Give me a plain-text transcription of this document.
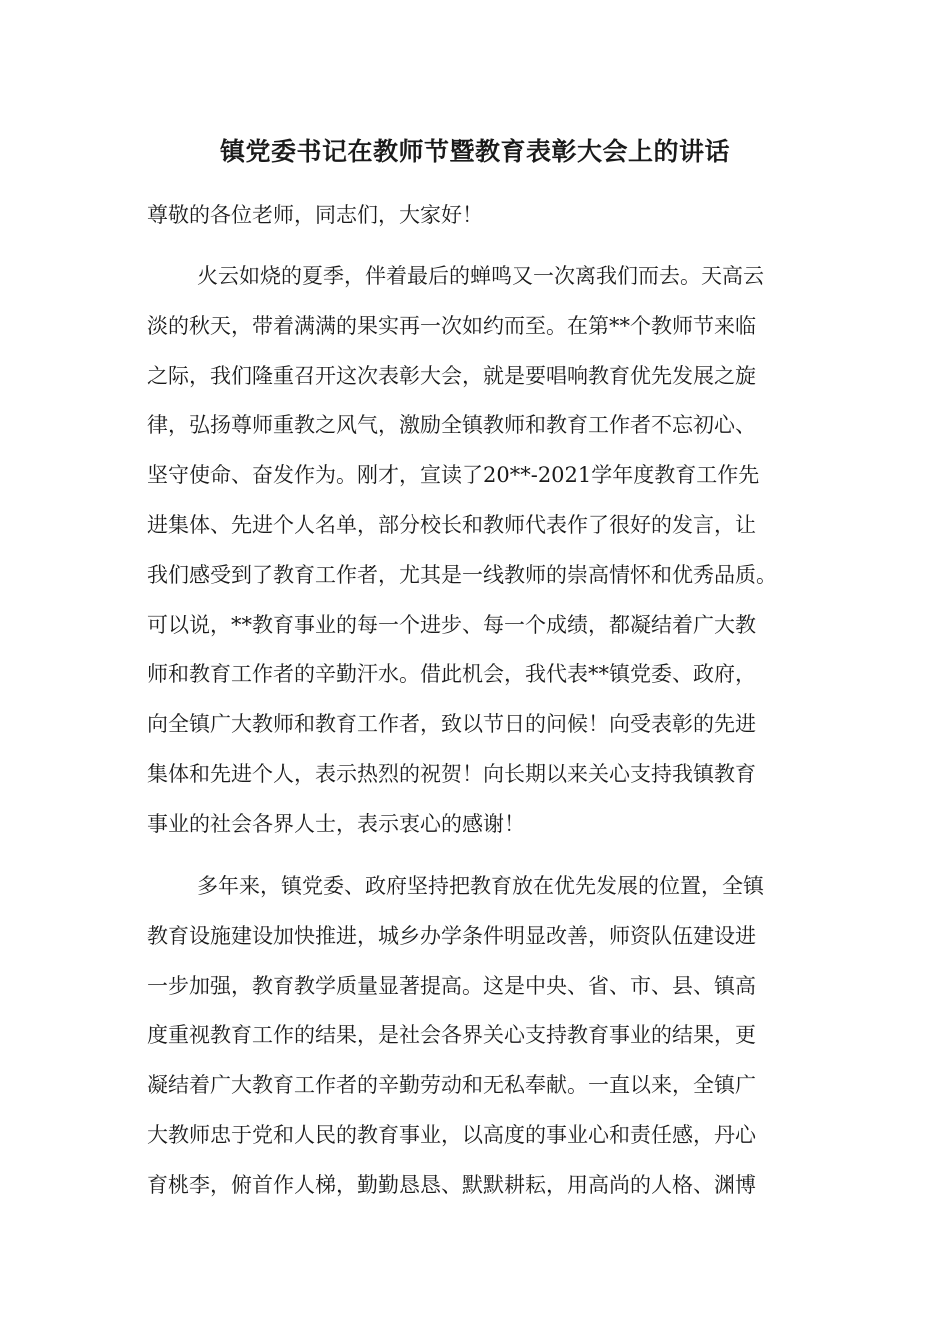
镇党委书记在教师节暨教育表彰大会上的讲话
尊敬的各位老师，同志们，大家好！
火云如烧的夏季，伴着最后的蝉鸣又一次离我们而去。天高云
淡的秋天，带着满满的果实再一次如约而至。在第**个教师节来临
之际，我们隆重召开这次表彰大会，就是要唱响教育优先发展之旋
律，弘扬尊师重教之风气，激励全镇教师和教育工作者不忘初心、
坚守使命、奋发作为。刚才，宣读了20**-2021学年度教育工作先
进集体、先进个人名单，部分校长和教师代表作了很好的发言，让
我们感受到了教育工作者，尤其是一线教师的崇高情怀和优秀品质。
可以说，**教育事业的每一个进步、每一个成绩，都凝结着广大教
师和教育工作者的辛勤汗水。借此机会，我代表**镇党委、政府，
向全镇广大教师和教育工作者，致以节日的问候！向受表彰的先进
集体和先进个人，表示热烈的祝贺！向长期以来关心支持我镇教育
事业的社会各界人士，表示衷心的感谢！
多年来，镇党委、政府坚持把教育放在优先发展的位置，全镇
教育设施建设加快推进，城乡办学条件明显改善，师资队伍建设进
一步加强，教育教学质量显著提高。这是中央、省、市、县、镇高
度重视教育工作的结果，是社会各界关心支持教育事业的结果，更
凝结着广大教育工作者的辛勤劳动和无私奉献。一直以来，全镇广
大教师忠于党和人民的教育事业，以高度的事业心和责任感，丹心
育桃李，俯首作人梯，勤勤恳恳、默默耕耘，用高尚的人格、渊博
